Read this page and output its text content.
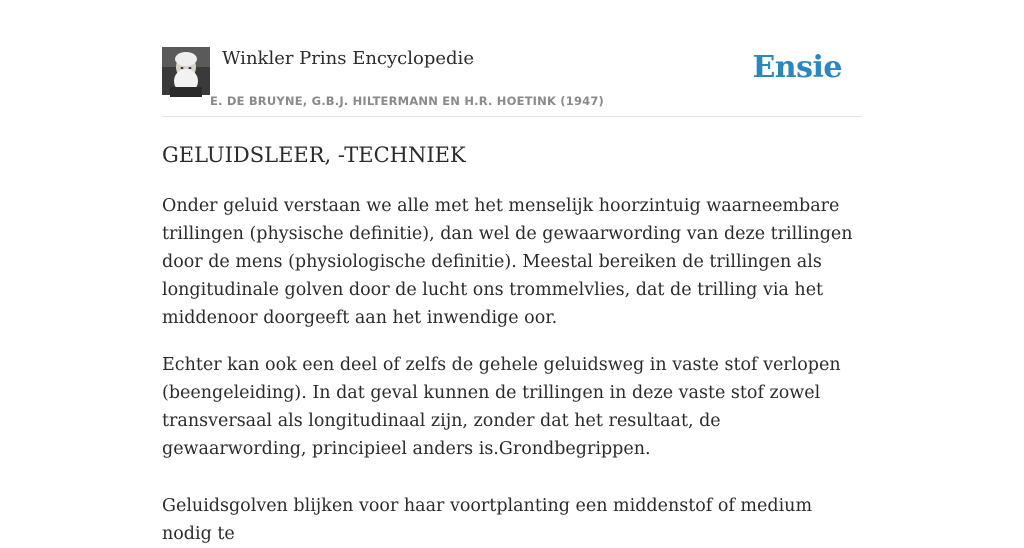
Winkler Prins Encyclopedie
E. DE BRUYNE, G.B.J. HILTERMANN EN H.R. HOETINK (1947)
Ensie
GELUIDSLEER, -TECHNIEK

Onder geluid verstaan we alle met het menselijk hoorzintuig waarneembare trillingen (physische definitie), dan wel de gewaarwording van deze trillingen door de mens (physiologische definitie). Meestal bereiken de trillingen als longitudinale golven door de lucht ons trommelvlies, dat de trilling via het middenoor doorgeeft aan het inwendige oor.

Echter kan ook een deel of zelfs de gehele geluidsweg in vaste stof verlopen (beengeleiding). In dat geval kunnen de trillingen in deze vaste stof zowel transversaal als longitudinaal zijn, zonder dat het resultaat, de gewaarwording, principieel anders is.Grondbegrippen.

Geluidsgolven blijken voor haar voortplanting een middenstof of medium nodig te
